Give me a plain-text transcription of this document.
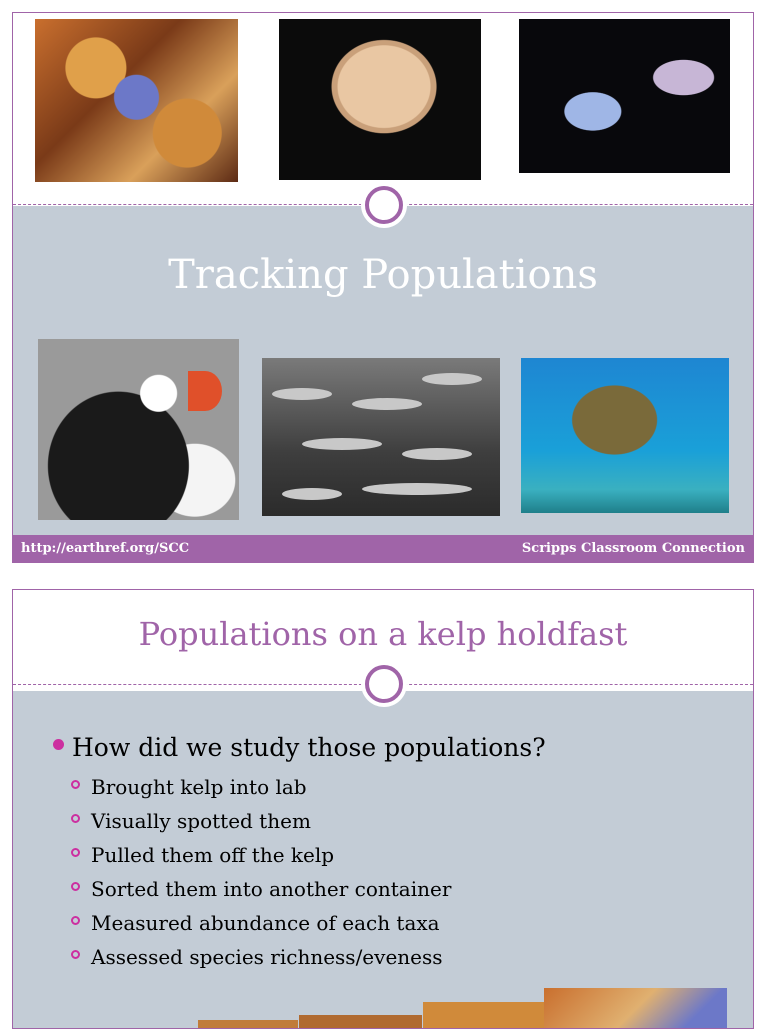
Tracking Populations
http://earthref.org/SCC	Scripps Classroom Connection
Populations on a kelp holdfast
How did we study those populations?
Brought kelp into lab
Visually spotted them
Pulled them off the kelp
Sorted them into another container
Measured abundance of each taxa
Assessed species richness/eveness
